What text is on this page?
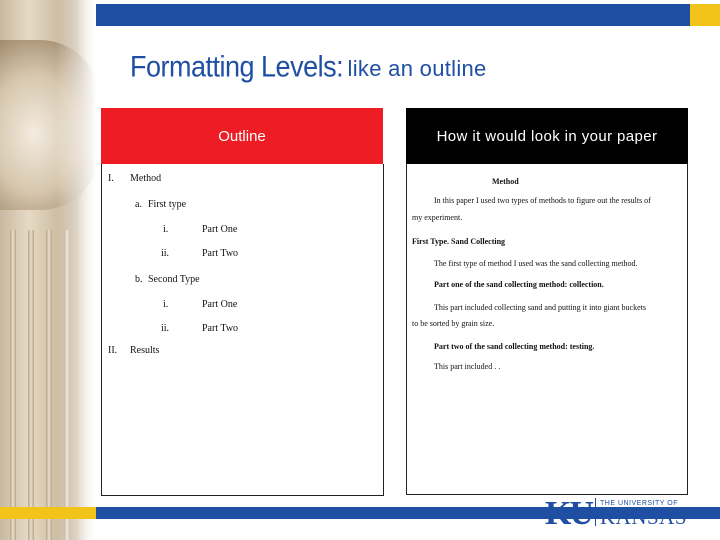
Formatting Levels: like an outline
Outline
I. Method
a. First type
i.	Part One
ii.	Part Two
b. Second Type
i.	Part One
ii.	Part Two
II. Results
How it would look in your paper
Method
In this paper I used two types of methods to figure out the results of
my experiment.
First Type. Sand Collecting
The first type of method I used was the sand collecting method.
Part one of the sand collecting method: collection.
This part included collecting sand and putting it into giant buckets
to be sorted by grain size.
Part two of the sand collecting method: testing.
This part included . .
KU THE UNIVERSITY OF
KANSAS
